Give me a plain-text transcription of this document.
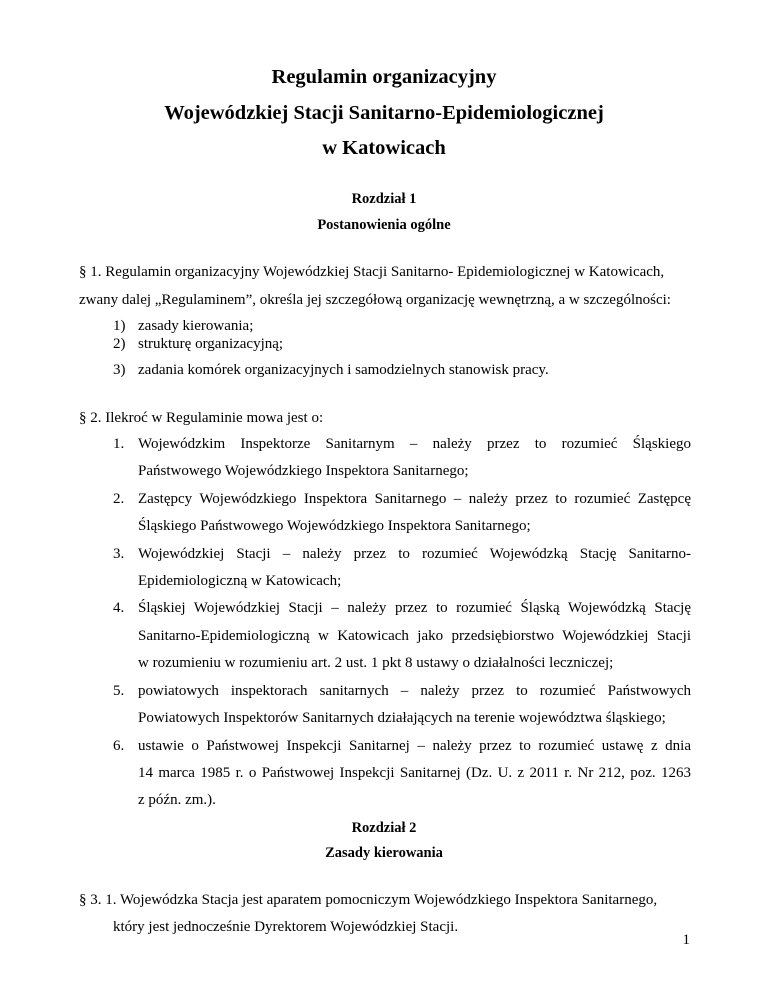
Regulamin organizacyjny
Wojewódzkiej Stacji Sanitarno-Epidemiologicznej
w Katowicach
Rozdział 1
Postanowienia ogólne
§ 1. Regulamin organizacyjny Wojewódzkiej Stacji Sanitarno- Epidemiologicznej w Katowicach,
zwany dalej „Regulaminem”, określa jej szczegółową organizację wewnętrzną, a w szczególności:
1) zasady kierowania;
2) strukturę organizacyjną;
3) zadania komórek organizacyjnych i samodzielnych stanowisk pracy.
§ 2. Ilekroć w Regulaminie mowa jest o:
1. Wojewódzkim Inspektorze Sanitarnym – należy przez to rozumieć Śląskiego
Państwowego Wojewódzkiego Inspektora Sanitarnego;
2. Zastępcy Wojewódzkiego Inspektora Sanitarnego – należy przez to rozumieć Zastępcę
Śląskiego Państwowego Wojewódzkiego Inspektora Sanitarnego;
3. Wojewódzkiej Stacji – należy przez to rozumieć Wojewódzką Stację Sanitarno-
Epidemiologiczną w Katowicach;
4. Śląskiej Wojewódzkiej Stacji – należy przez to rozumieć Śląską Wojewódzką Stację
Sanitarno-Epidemiologiczną w Katowicach jako przedsiębiorstwo Wojewódzkiej Stacji
w rozumieniu w rozumieniu art. 2 ust. 1 pkt 8 ustawy o działalności leczniczej;
5. powiatowych inspektorach sanitarnych – należy przez to rozumieć Państwowych
Powiatowych Inspektorów Sanitarnych działających na terenie województwa śląskiego;
6. ustawie o Państwowej Inspekcji Sanitarnej – należy przez to rozumieć ustawę z dnia
14 marca 1985 r. o Państwowej Inspekcji Sanitarnej (Dz. U. z 2011 r. Nr 212, poz. 1263
z późn. zm.).
Rozdział 2
Zasady kierowania
§ 3. 1. Wojewódzka Stacja jest aparatem pomocniczym Wojewódzkiego Inspektora Sanitarnego,
który jest jednocześnie Dyrektorem Wojewódzkiej Stacji.
1
